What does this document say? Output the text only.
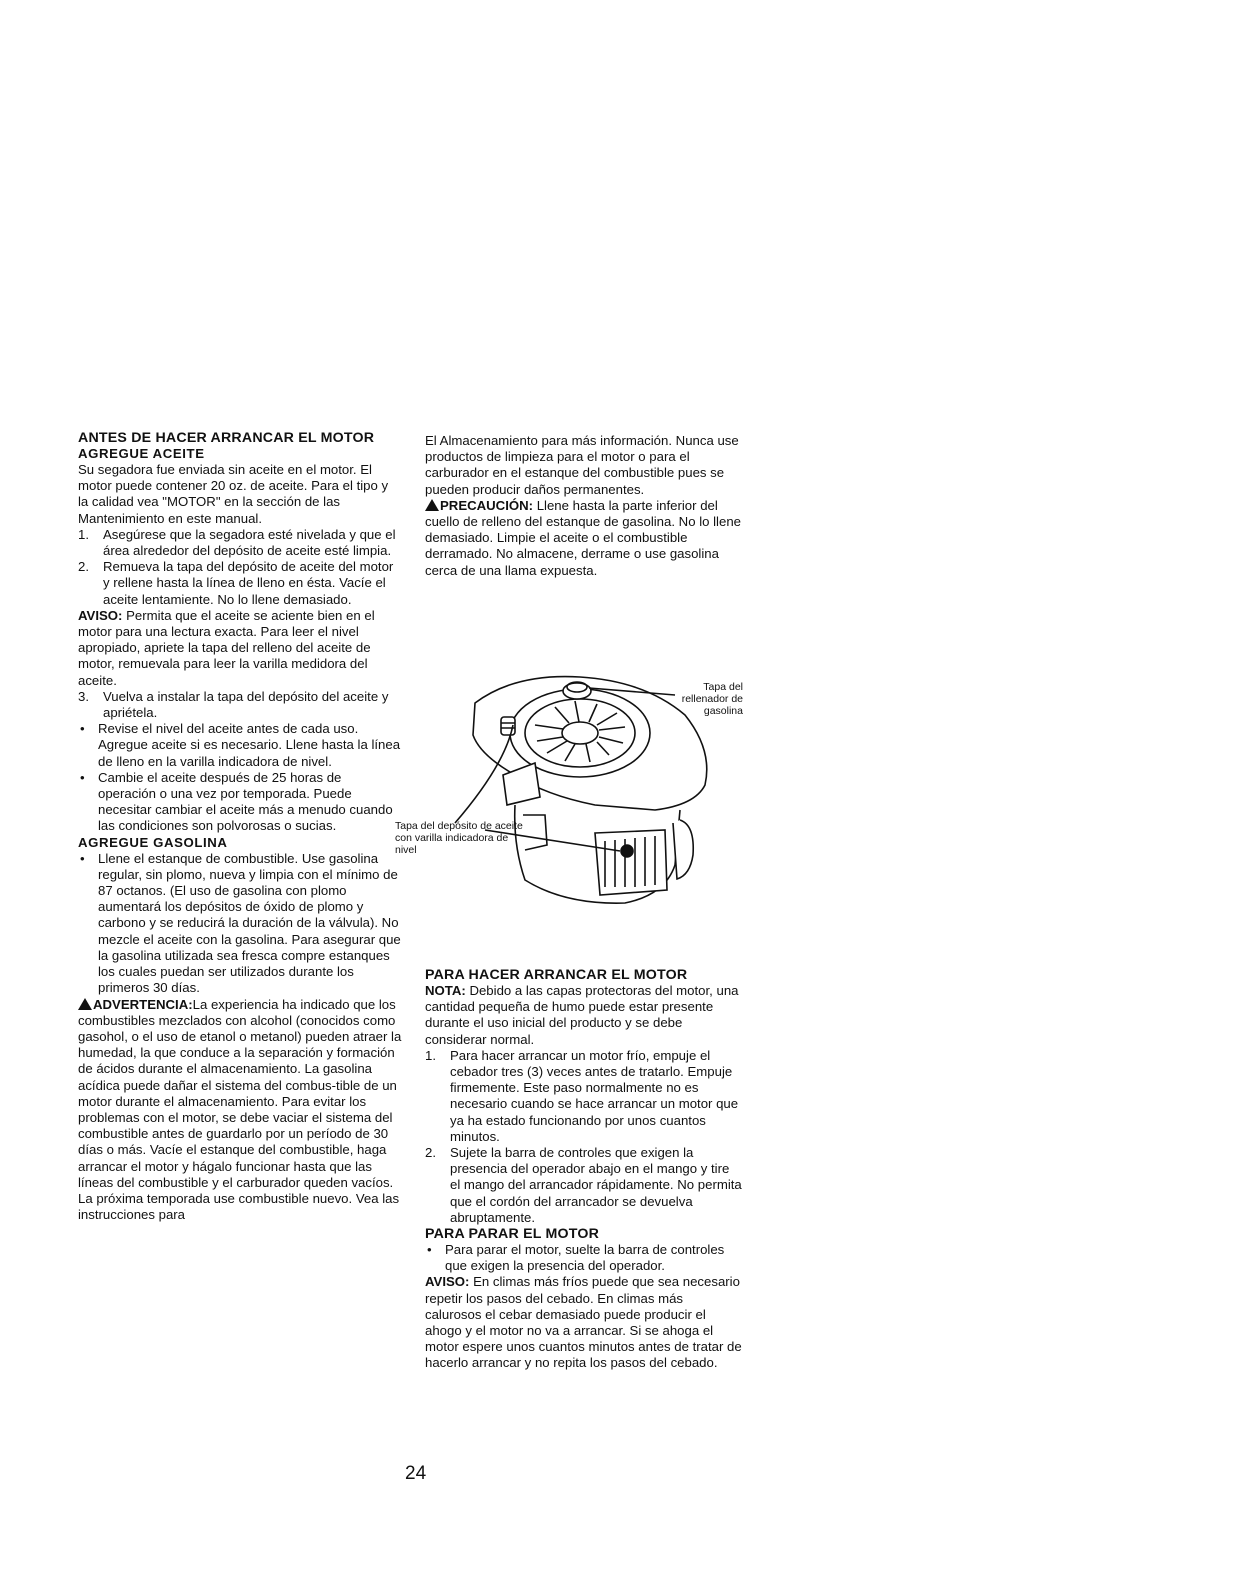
ANTES DE HACER ARRANCAR EL MOTOR
AGREGUE ACEITE

Su segadora fue enviada sin aceite en el motor. El motor puede contener 20 oz. de aceite. Para el tipo y la calidad vea "MOTOR" en la sección de las Mantenimiento en este manual.

1. Asegúrese que la segadora esté nivelada y que el área alrededor del depósito de aceite esté limpia.
2. Remueva la tapa del depósito de aceite del motor y rellene hasta la línea de lleno en ésta. Vacíe el aceite lentamiente. No lo llene demasiado.

AVISO: Permita que el aceite se aciente bien en el motor para una lectura exacta. Para leer el nivel apropiado, apriete la tapa del relleno del aceite de motor, remuevala para leer la varilla medidora del aceite.

3. Vuelva a instalar la tapa del depósito del aceite y apriétela.
• Revise el nivel del aceite antes de cada uso. Agregue aceite si es necesario. Llene hasta la línea de lleno en la varilla indicadora de nivel.
• Cambie el aceite después de 25 horas de operación o una vez por temporada. Puede necesitar cambiar el aceite más a menudo cuando las condiciones son polvorosas o sucias.
AGREGUE GASOLINA
• Llene el estanque de combustible. Use gasolina regular, sin plomo, nueva y limpia con el mínimo de 87 octanos. (El uso de gasolina con plomo aumentará los depósitos de óxido de plomo y carbono y se reducirá la duración de la válvula). No mezcle el aceite con la gasolina. Para asegurar que la gasolina utilizada sea fresca compre estanques los cuales puedan ser utilizados durante los primeros 30 días.

ADVERTENCIA:La experiencia ha indicado que los combustibles mezclados con alcohol (conocidos como gasohol, o el uso de etanol o metanol) pueden atraer la humedad, la que conduce a la separación y formación de ácidos durante el almacenamiento. La gasolina acídica puede dañar el sistema del combus-tible de un motor durante el almacenamiento. Para evitar los problemas con el motor, se debe vaciar el sistema del combustible antes de guardarlo por un período de 30 días o más. Vacíe el estanque del combustible, haga arrancar el motor y hágalo funcionar hasta que las líneas del combustible y el carburador queden vacíos. La próxima temporada use combustible nuevo. Vea las instrucciones para

El Almacenamiento para más información. Nunca use productos de limpieza para el motor o para el carburador en el estanque del combustible pues se pueden producir daños permanentes.

PRECAUCIÓN: Llene hasta la parte inferior del cuello de relleno del estanque de gasolina. No lo llene demasiado. Limpie el aceite o el combustible derramado. No almacene, derrame o use gasolina cerca de una llama expuesta.

Tapa del rellenador de gasolina
Tapa del depósito de aceite con varilla indicadora de nivel
PARA HACER ARRANCAR EL MOTOR

NOTA: Debido a las capas protectoras del motor, una cantidad pequeña de humo puede estar presente durante el uso inicial del producto y se debe considerar normal.

1. Para hacer arrancar un motor frío, empuje el cebador tres (3) veces antes de tratarlo. Empuje firmemente. Este paso normalmente no es necesario cuando se hace arrancar un motor que ya ha estado funcionando por unos cuantos minutos.
2. Sujete la barra de controles que exigen la presencia del operador abajo en el mango y tire el mango del arrancador rápidamente. No permita que el cordón del arrancador se devuelva abruptamente.
PARA PARAR EL MOTOR
• Para parar el motor, suelte la barra de controles que exigen la presencia del operador.

AVISO: En climas más fríos puede que sea necesario repetir los pasos del cebado. En climas más calurosos el cebar demasiado puede producir el ahogo y el motor no va a arrancar. Si se ahoga el motor espere unos cuantos minutos antes de tratar de hacerlo arrancar y no repita los pasos del cebado.

24
